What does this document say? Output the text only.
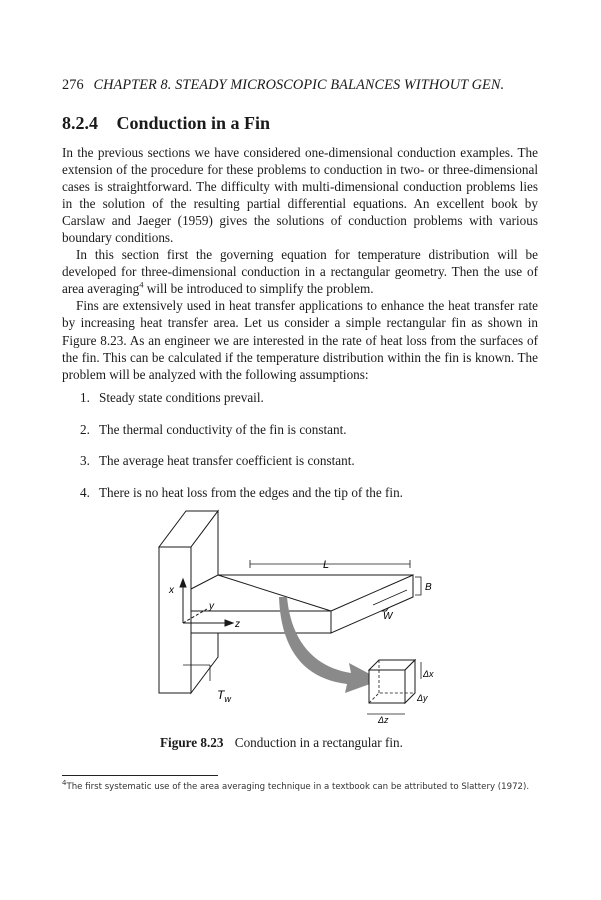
276 CHAPTER 8. STEADY MICROSCOPIC BALANCES WITHOUT GEN.
8.2.4 Conduction in a Fin

In the previous sections we have considered one-dimensional conduction examples. The extension of the procedure for these problems to conduction in two- or three-dimensional cases is straightforward. The difficulty with multi-dimensional conduction problems lies in the solution of the resulting partial differential equations. An excellent book by Carslaw and Jaeger (1959) gives the solutions of conduction problems with various boundary conditions.

In this section first the governing equation for temperature distribution will be developed for three-dimensional conduction in a rectangular geometry. Then the use of area averaging$^4$ will be introduced to simplify the problem.

Fins are extensively used in heat transfer applications to enhance the heat transfer rate by increasing heat transfer area. Let us consider a simple rectangular fin as shown in Figure 8.23. As an engineer we are interested in the rate of heat loss from the surfaces of the fin. This can be calculated if the temperature distribution within the fin is known. The problem will be analyzed with the following assumptions:

1. Steady state conditions prevail.
2. The thermal conductivity of the fin is constant.
3. The average heat transfer coefficient is constant.
4. There is no heat loss from the edges and the tip of the fin.
L
B
W
x
y
z
$T_w$
Δx
Δy
Δz
Figure 8.23 Conduction in a rectangular fin.
$^4$The first systematic use of the area averaging technique in a textbook can be attributed to Slattery (1972).
